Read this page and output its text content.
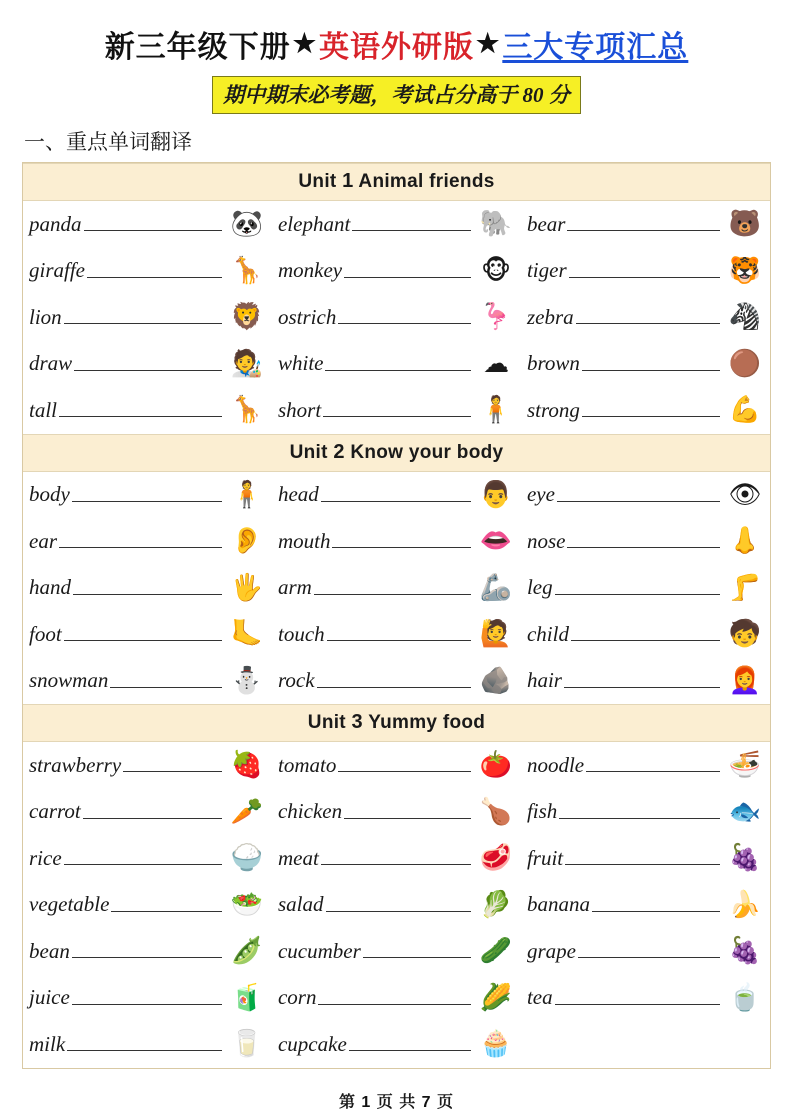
新三年级下册 ★ 英语外研版 ★ 三大专项汇总
期中期末必考题，考试占分高于 80 分
一、重点单词翻译
Unit 1 Animal friends
panda	🐼 elephant	🐘 bear	🐻
giraffe	🦒 monkey	🐵 tiger	🐯
lion	🦁 ostrich	🦩 zebra	🦓
draw	🧑‍🎨 white	☁ brown	🟤
tall	🦒 short	🧍 strong	💪
Unit 2 Know your body
body	🧍 head	👨 eye	👁
ear	👂 mouth	👄 nose	👃
hand	🖐 arm	🦾 leg	🦵
foot	🦶 touch	🙋 child	🧒
snowman	⛄ rock	🪨 hair	👩‍🦰
Unit 3 Yummy food
strawberry	🍓 tomato	🍅 noodle	🍜
carrot	🥕 chicken	🍗 fish	🐟
rice	🍚 meat	🥩 fruit	🍇
vegetable	🥗 salad	🥬 banana	🍌
bean	🫛 cucumber	🥒 grape	🍇
juice	🧃 corn	🌽 tea	🍵
milk	🥛 cupcake	🧁
第 1 页 共 7 页
